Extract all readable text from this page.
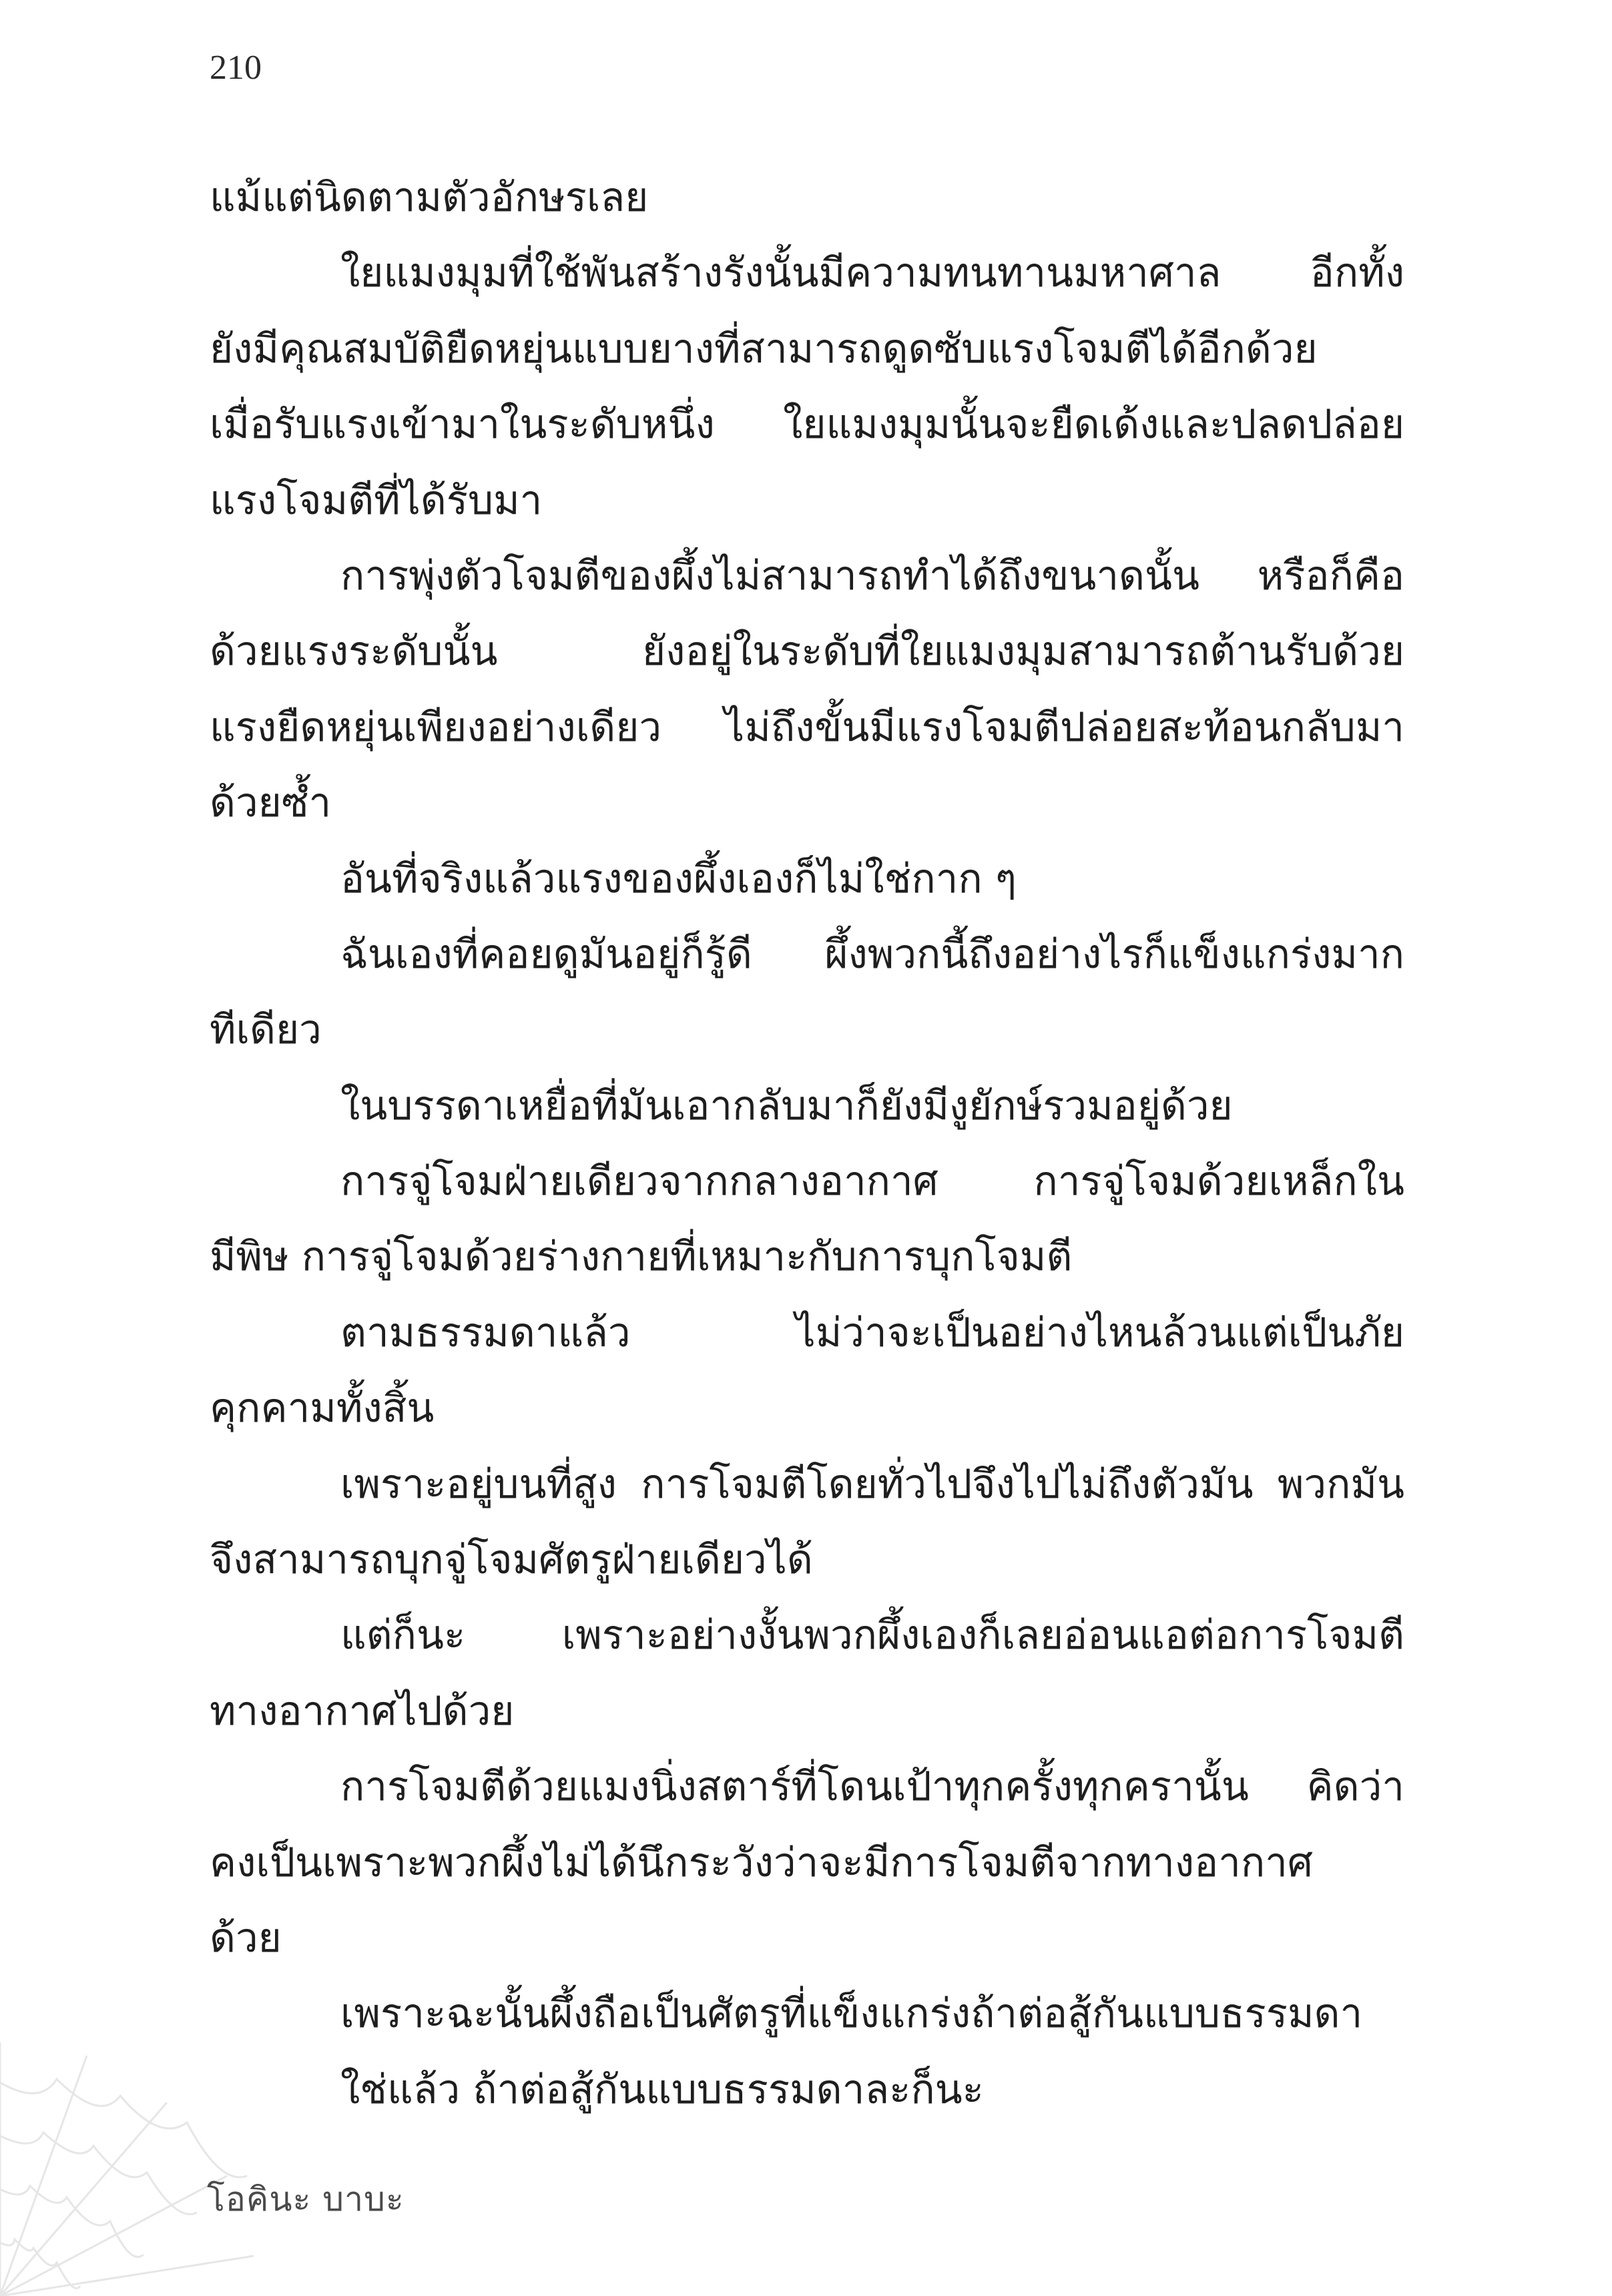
210
แม้แต่นิดตามตัวอักษรเลย
ใยแมงมุมที่ใช้พันสร้างรังนั้นมีความทนทานมหาศาล อีกทั้ง
ยังมีคุณสมบัติยืดหยุ่นแบบยางที่สามารถดูดซับแรงโจมตีได้อีกด้วย
เมื่อรับแรงเข้ามาในระดับหนึ่ง ใยแมงมุมนั้นจะยืดเด้งและปลดปล่อย
แรงโจมตีที่ได้รับมา
การพุ่งตัวโจมตีของผึ้งไม่สามารถทำได้ถึงขนาดนั้น หรือก็คือ
ด้วยแรงระดับนั้น ยังอยู่ในระดับที่ใยแมงมุมสามารถต้านรับด้วย
แรงยืดหยุ่นเพียงอย่างเดียว ไม่ถึงขั้นมีแรงโจมตีปล่อยสะท้อนกลับมา
ด้วยซ้ำ
อันที่จริงแล้วแรงของผึ้งเองก็ไม่ใช่กาก ๆ
ฉันเองที่คอยดูมันอยู่ก็รู้ดี ผึ้งพวกนี้ถึงอย่างไรก็แข็งแกร่งมาก
ทีเดียว
ในบรรดาเหยื่อที่มันเอากลับมาก็ยังมีงูยักษ์รวมอยู่ด้วย
การจู่โจมฝ่ายเดียวจากกลางอากาศ การจู่โจมด้วยเหล็กใน
มีพิษ การจู่โจมด้วยร่างกายที่เหมาะกับการบุกโจมตี
ตามธรรมดาแล้ว ไม่ว่าจะเป็นอย่างไหนล้วนแต่เป็นภัย
คุกคามทั้งสิ้น
เพราะอยู่บนที่สูง การโจมตีโดยทั่วไปจึงไปไม่ถึงตัวมัน พวกมัน
จึงสามารถบุกจู่โจมศัตรูฝ่ายเดียวได้
แต่ก็นะ เพราะอย่างงั้นพวกผึ้งเองก็เลยอ่อนแอต่อการโจมตี
ทางอากาศไปด้วย
การโจมตีด้วยแมงนิ่งสตาร์ที่โดนเป้าทุกครั้งทุกครานั้น คิดว่า
คงเป็นเพราะพวกผึ้งไม่ได้นึกระวังว่าจะมีการโจมตีจากทางอากาศ
ด้วย
เพราะฉะนั้นผึ้งถือเป็นศัตรูที่แข็งแกร่งถ้าต่อสู้กันแบบธรรมดา
ใช่แล้ว ถ้าต่อสู้กันแบบธรรมดาละก็นะ
โอคินะ บาบะ
